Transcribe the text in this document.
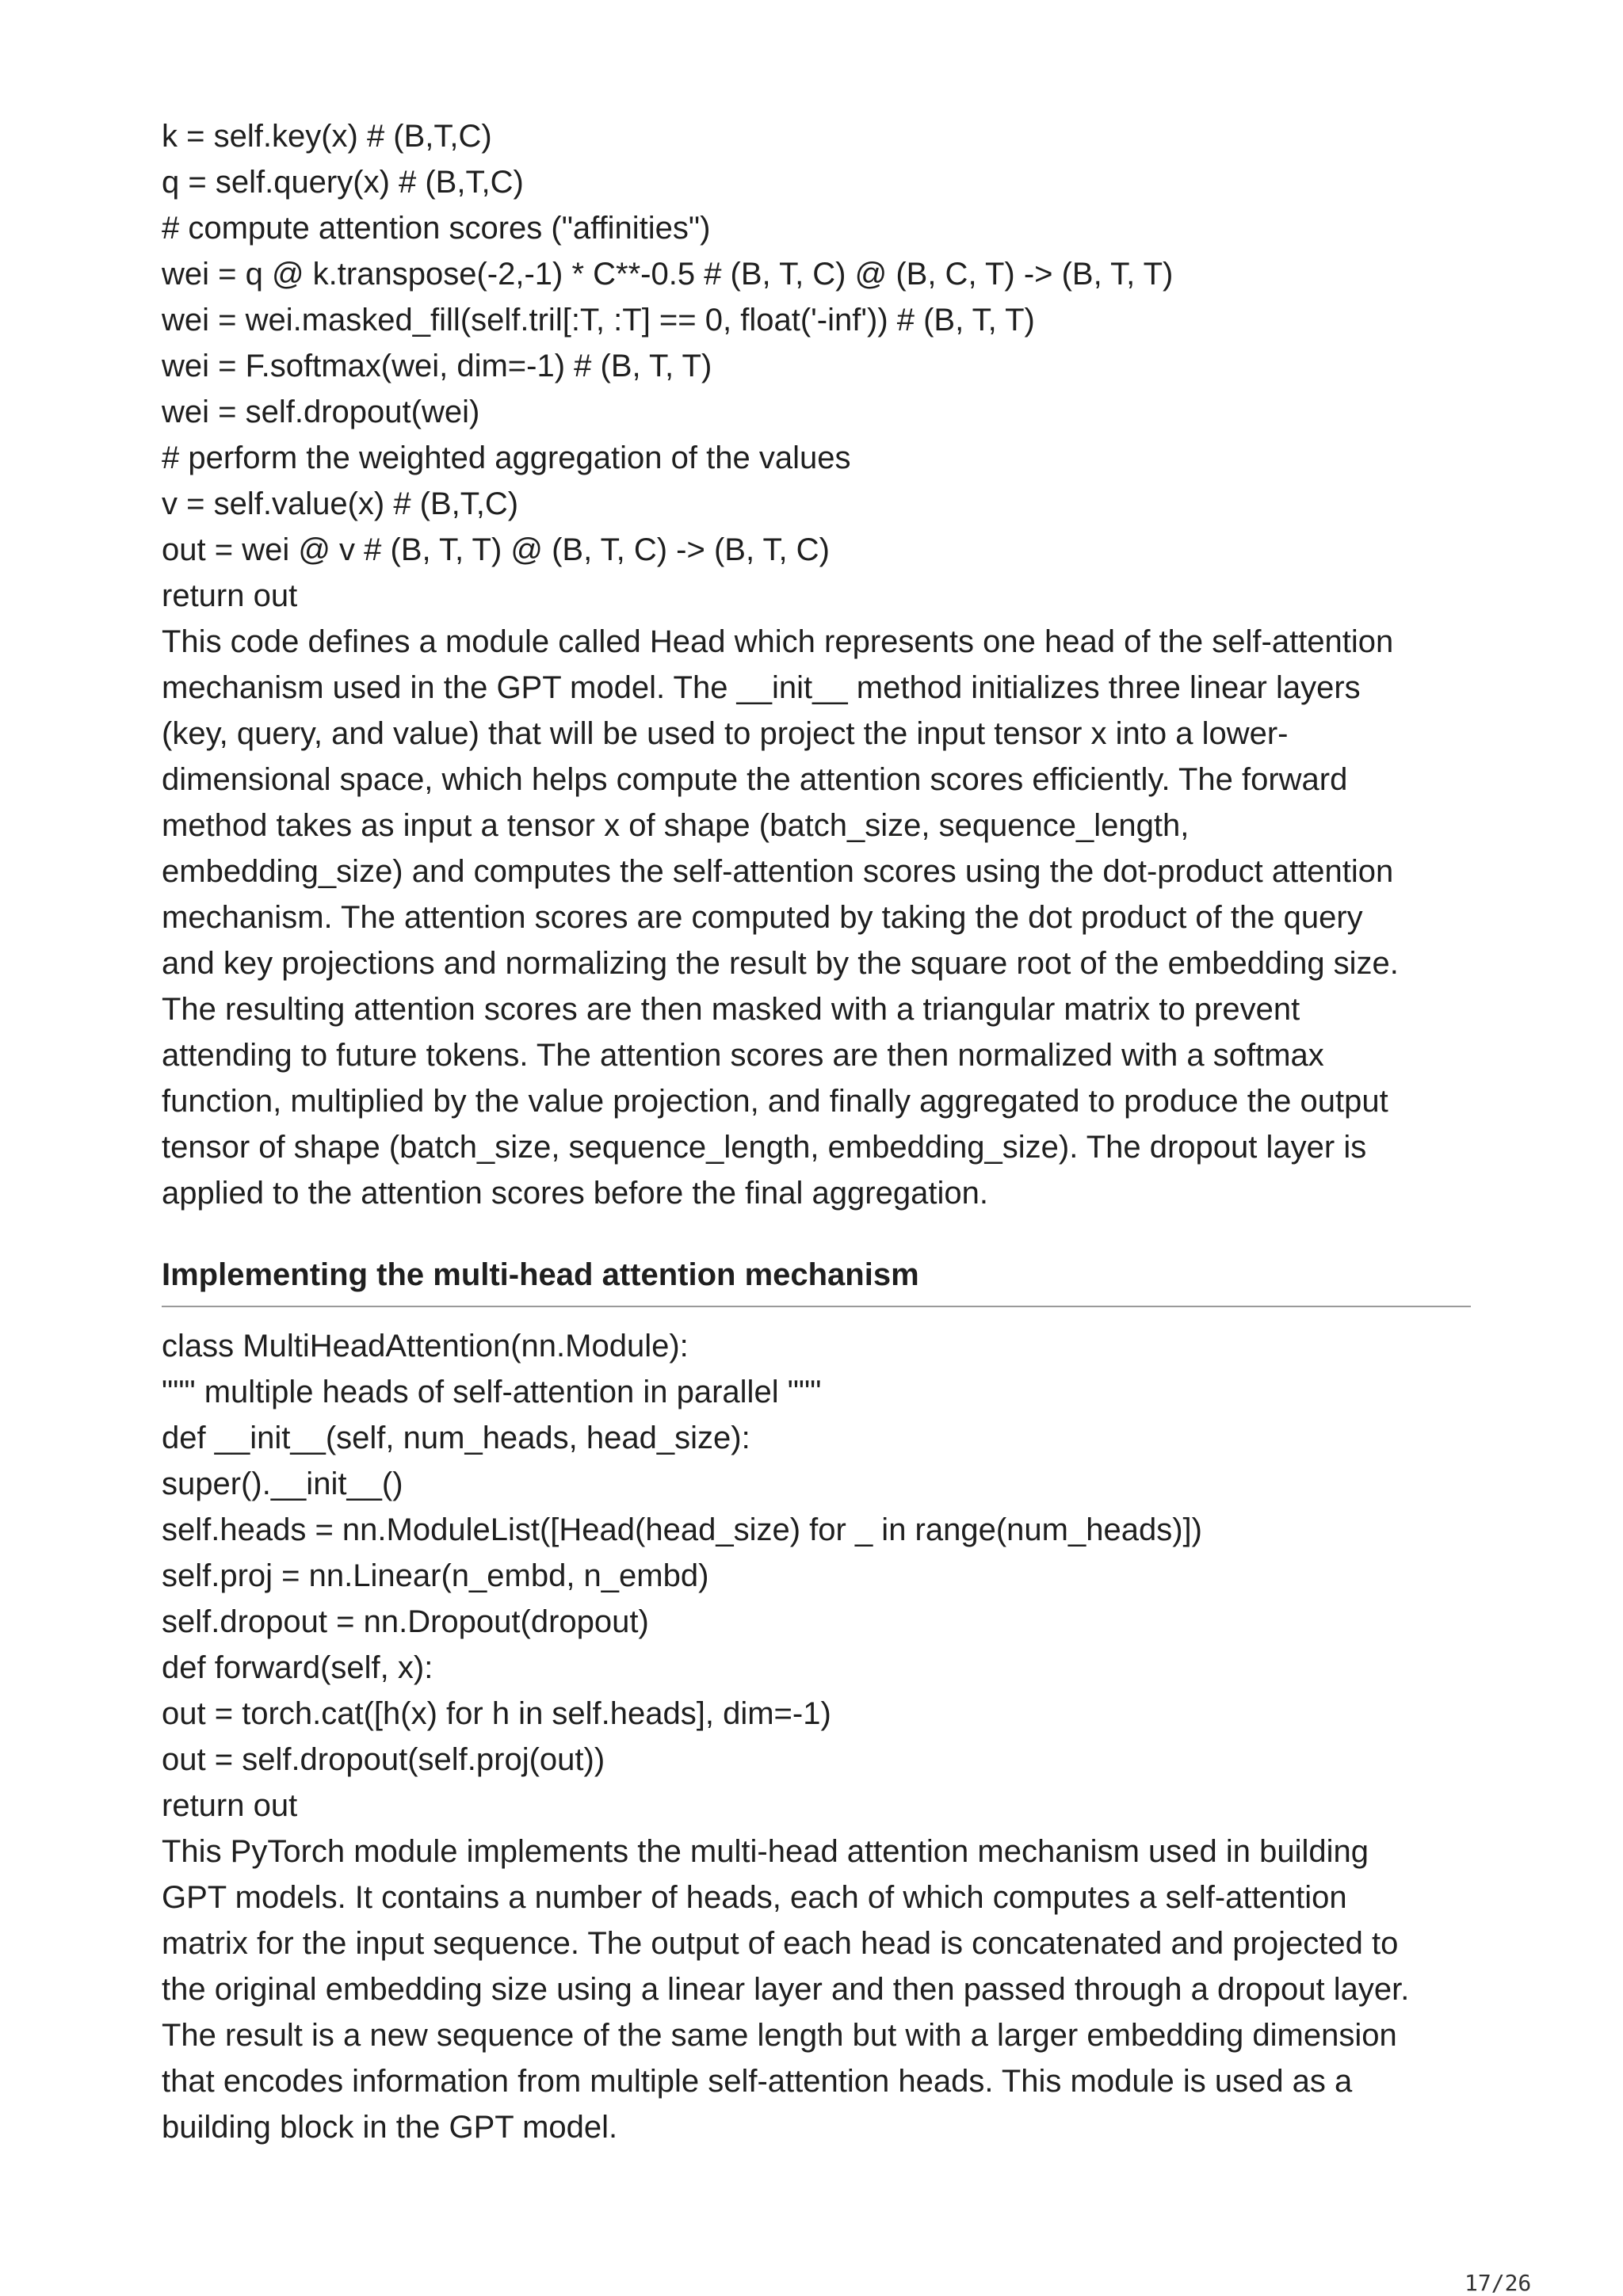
k = self.key(x) # (B,T,C)

q = self.query(x) # (B,T,C)

# compute attention scores ("affinities")

wei = q @ k.transpose(-2,-1) * C**-0.5 # (B, T, C) @ (B, C, T) -> (B, T, T)

wei = wei.masked_fill(self.tril[:T, :T] == 0, float('-inf')) # (B, T, T)

wei = F.softmax(wei, dim=-1) # (B, T, T)

wei = self.dropout(wei)

# perform the weighted aggregation of the values

v = self.value(x) # (B,T,C)

out = wei @ v # (B, T, T) @ (B, T, C) -> (B, T, C)

return out

This code defines a module called Head which represents one head of the self-attention
mechanism used in the GPT model. The __init__ method initializes three linear layers
(key, query, and value) that will be used to project the input tensor x into a lower-
dimensional space, which helps compute the attention scores efficiently. The forward
method takes as input a tensor x of shape (batch_size, sequence_length,
embedding_size) and computes the self-attention scores using the dot-product attention
mechanism. The attention scores are computed by taking the dot product of the query
and key projections and normalizing the result by the square root of the embedding size.
The resulting attention scores are then masked with a triangular matrix to prevent
attending to future tokens. The attention scores are then normalized with a softmax
function, multiplied by the value projection, and finally aggregated to produce the output
tensor of shape (batch_size, sequence_length, embedding_size). The dropout layer is
applied to the attention scores before the final aggregation.

Implementing the multi-head attention mechanism

class MultiHeadAttention(nn.Module):

""" multiple heads of self-attention in parallel """

def __init__(self, num_heads, head_size):

super().__init__()

self.heads = nn.ModuleList([Head(head_size) for _ in range(num_heads)])

self.proj = nn.Linear(n_embd, n_embd)

self.dropout = nn.Dropout(dropout)

def forward(self, x):

out = torch.cat([h(x) for h in self.heads], dim=-1)

out = self.dropout(self.proj(out))

return out

This PyTorch module implements the multi-head attention mechanism used in building
GPT models. It contains a number of heads, each of which computes a self-attention
matrix for the input sequence. The output of each head is concatenated and projected to
the original embedding size using a linear layer and then passed through a dropout layer.
The result is a new sequence of the same length but with a larger embedding dimension
that encodes information from multiple self-attention heads. This module is used as a
building block in the GPT model.

17/26
